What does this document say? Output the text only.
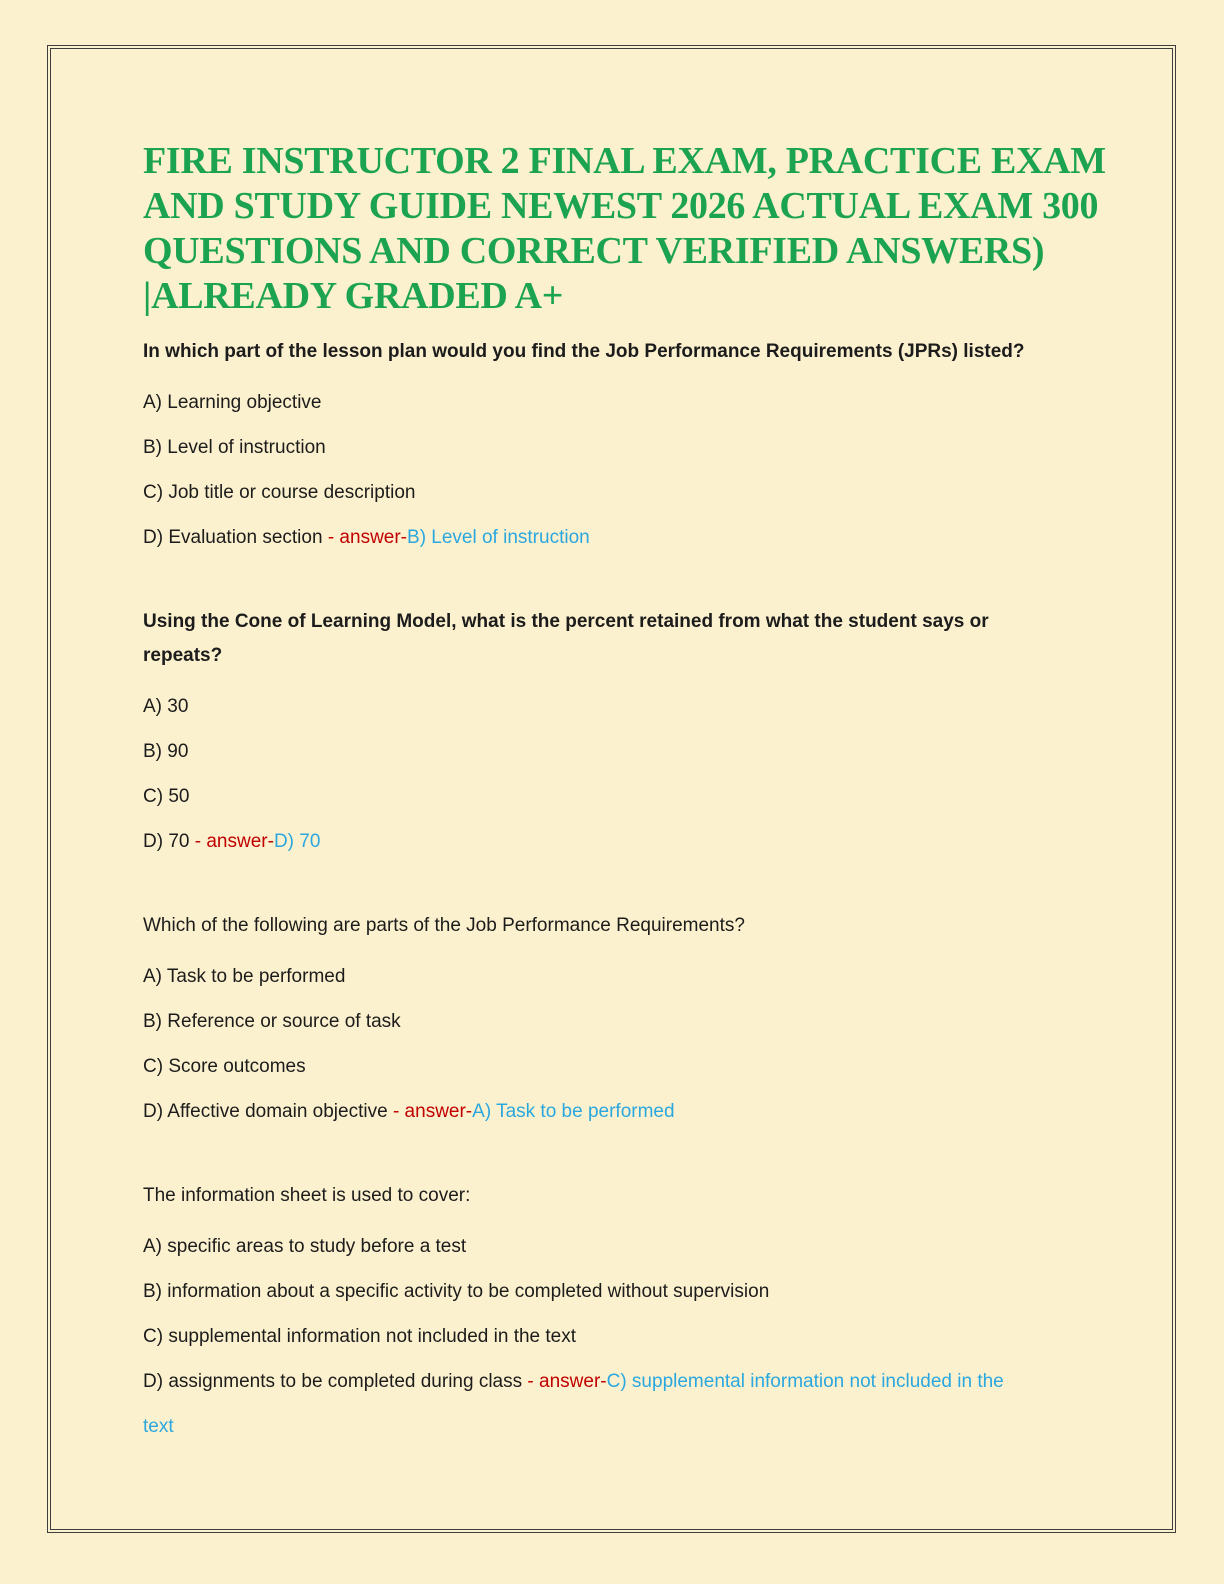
FIRE INSTRUCTOR 2 FINAL EXAM, PRACTICE EXAM
AND STUDY GUIDE NEWEST 2026 ACTUAL EXAM 300
QUESTIONS AND CORRECT VERIFIED ANSWERS)
|ALREADY GRADED A+

In which part of the lesson plan would you find the Job Performance Requirements (JPRs) listed?

A) Learning objective

B) Level of instruction

C) Job title or course description

D) Evaluation section - answer-B) Level of instruction

Using the Cone of Learning Model, what is the percent retained from what the student says or
repeats?

A) 30

B) 90

C) 50

D) 70 - answer-D) 70

Which of the following are parts of the Job Performance Requirements?

A) Task to be performed

B) Reference or source of task

C) Score outcomes

D) Affective domain objective - answer-A) Task to be performed

The information sheet is used to cover:

A) specific areas to study before a test

B) information about a specific activity to be completed without supervision

C) supplemental information not included in the text

D) assignments to be completed during class - answer-C) supplemental information not included in the
text
